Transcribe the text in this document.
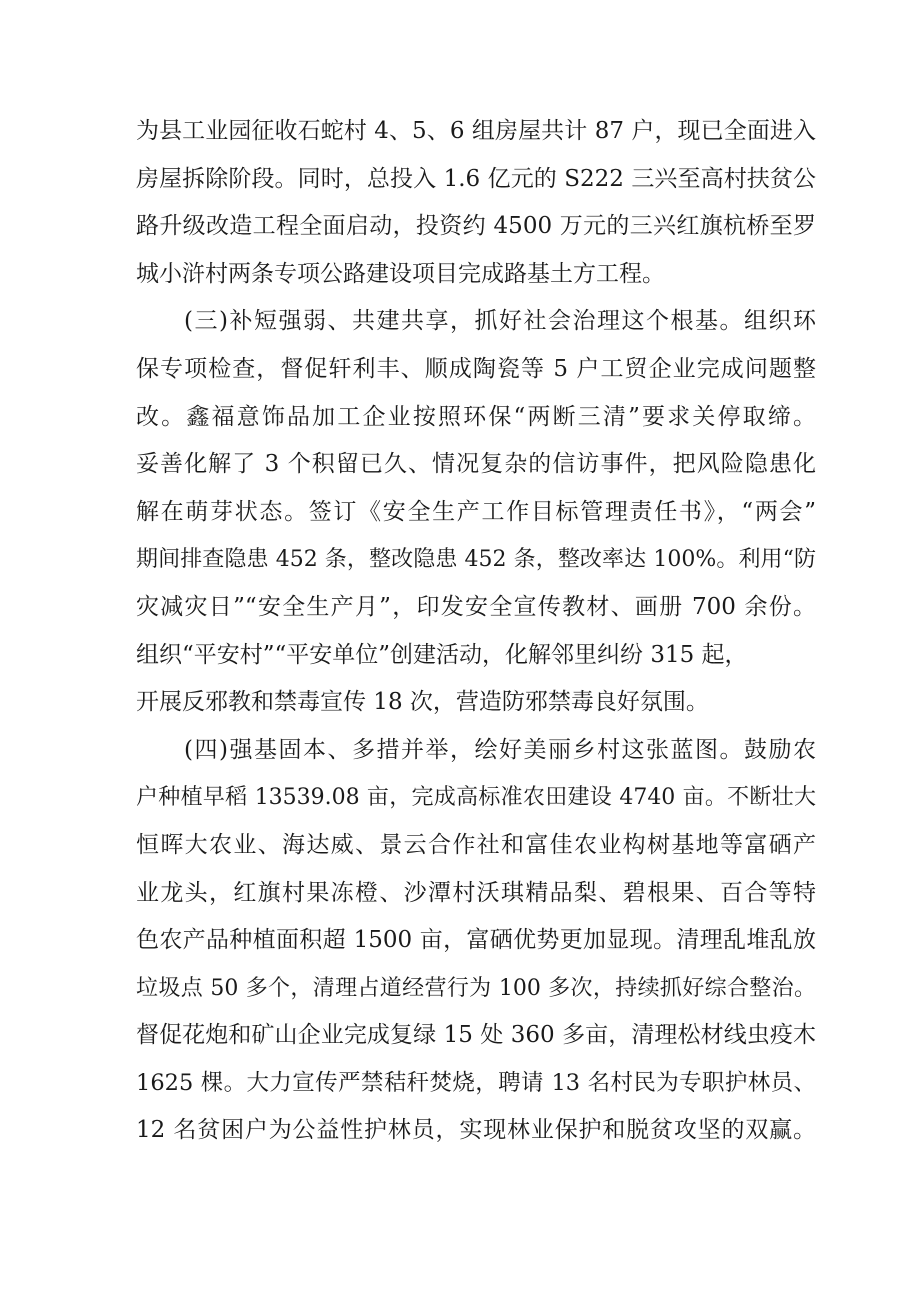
为县工业园征收石蛇村 4、5、6 组房屋共计 87 户，现已全面进入
房屋拆除阶段。同时，总投入 1.6 亿元的 S222 三兴至高村扶贫公
路升级改造工程全面启动，投资约 4500 万元的三兴红旗杭桥至罗
城小浒村两条专项公路建设项目完成路基土方工程。
(三)补短强弱、共建共享，抓好社会治理这个根基。组织环
保专项检查，督促轩利丰、顺成陶瓷等 5 户工贸企业完成问题整
改。鑫福意饰品加工企业按照环保“两断三清”要求关停取缔。
妥善化解了 3 个积留已久、情况复杂的信访事件，把风险隐患化
解在萌芽状态。签订《安全生产工作目标管理责任书》，“两会”
期间排查隐患 452 条，整改隐患 452 条，整改率达 100%。利用“防
灾减灾日”“安全生产月”，印发安全宣传教材、画册 700 余份。
组织“平安村”“平安单位”创建活动，化解邻里纠纷 315 起，
开展反邪教和禁毒宣传 18 次，营造防邪禁毒良好氛围。
(四)强基固本、多措并举，绘好美丽乡村这张蓝图。鼓励农
户种植早稻 13539.08 亩，完成高标准农田建设 4740 亩。不断壮大
恒晖大农业、海达威、景云合作社和富佳农业构树基地等富硒产
业龙头，红旗村果冻橙、沙潭村沃琪精品梨、碧根果、百合等特
色农产品种植面积超 1500 亩，富硒优势更加显现。清理乱堆乱放
垃圾点 50 多个，清理占道经营行为 100 多次，持续抓好综合整治。
督促花炮和矿山企业完成复绿 15 处 360 多亩，清理松材线虫疫木
1625 棵。大力宣传严禁秸秆焚烧，聘请 13 名村民为专职护林员、
12 名贫困户为公益性护林员，实现林业保护和脱贫攻坚的双赢。
